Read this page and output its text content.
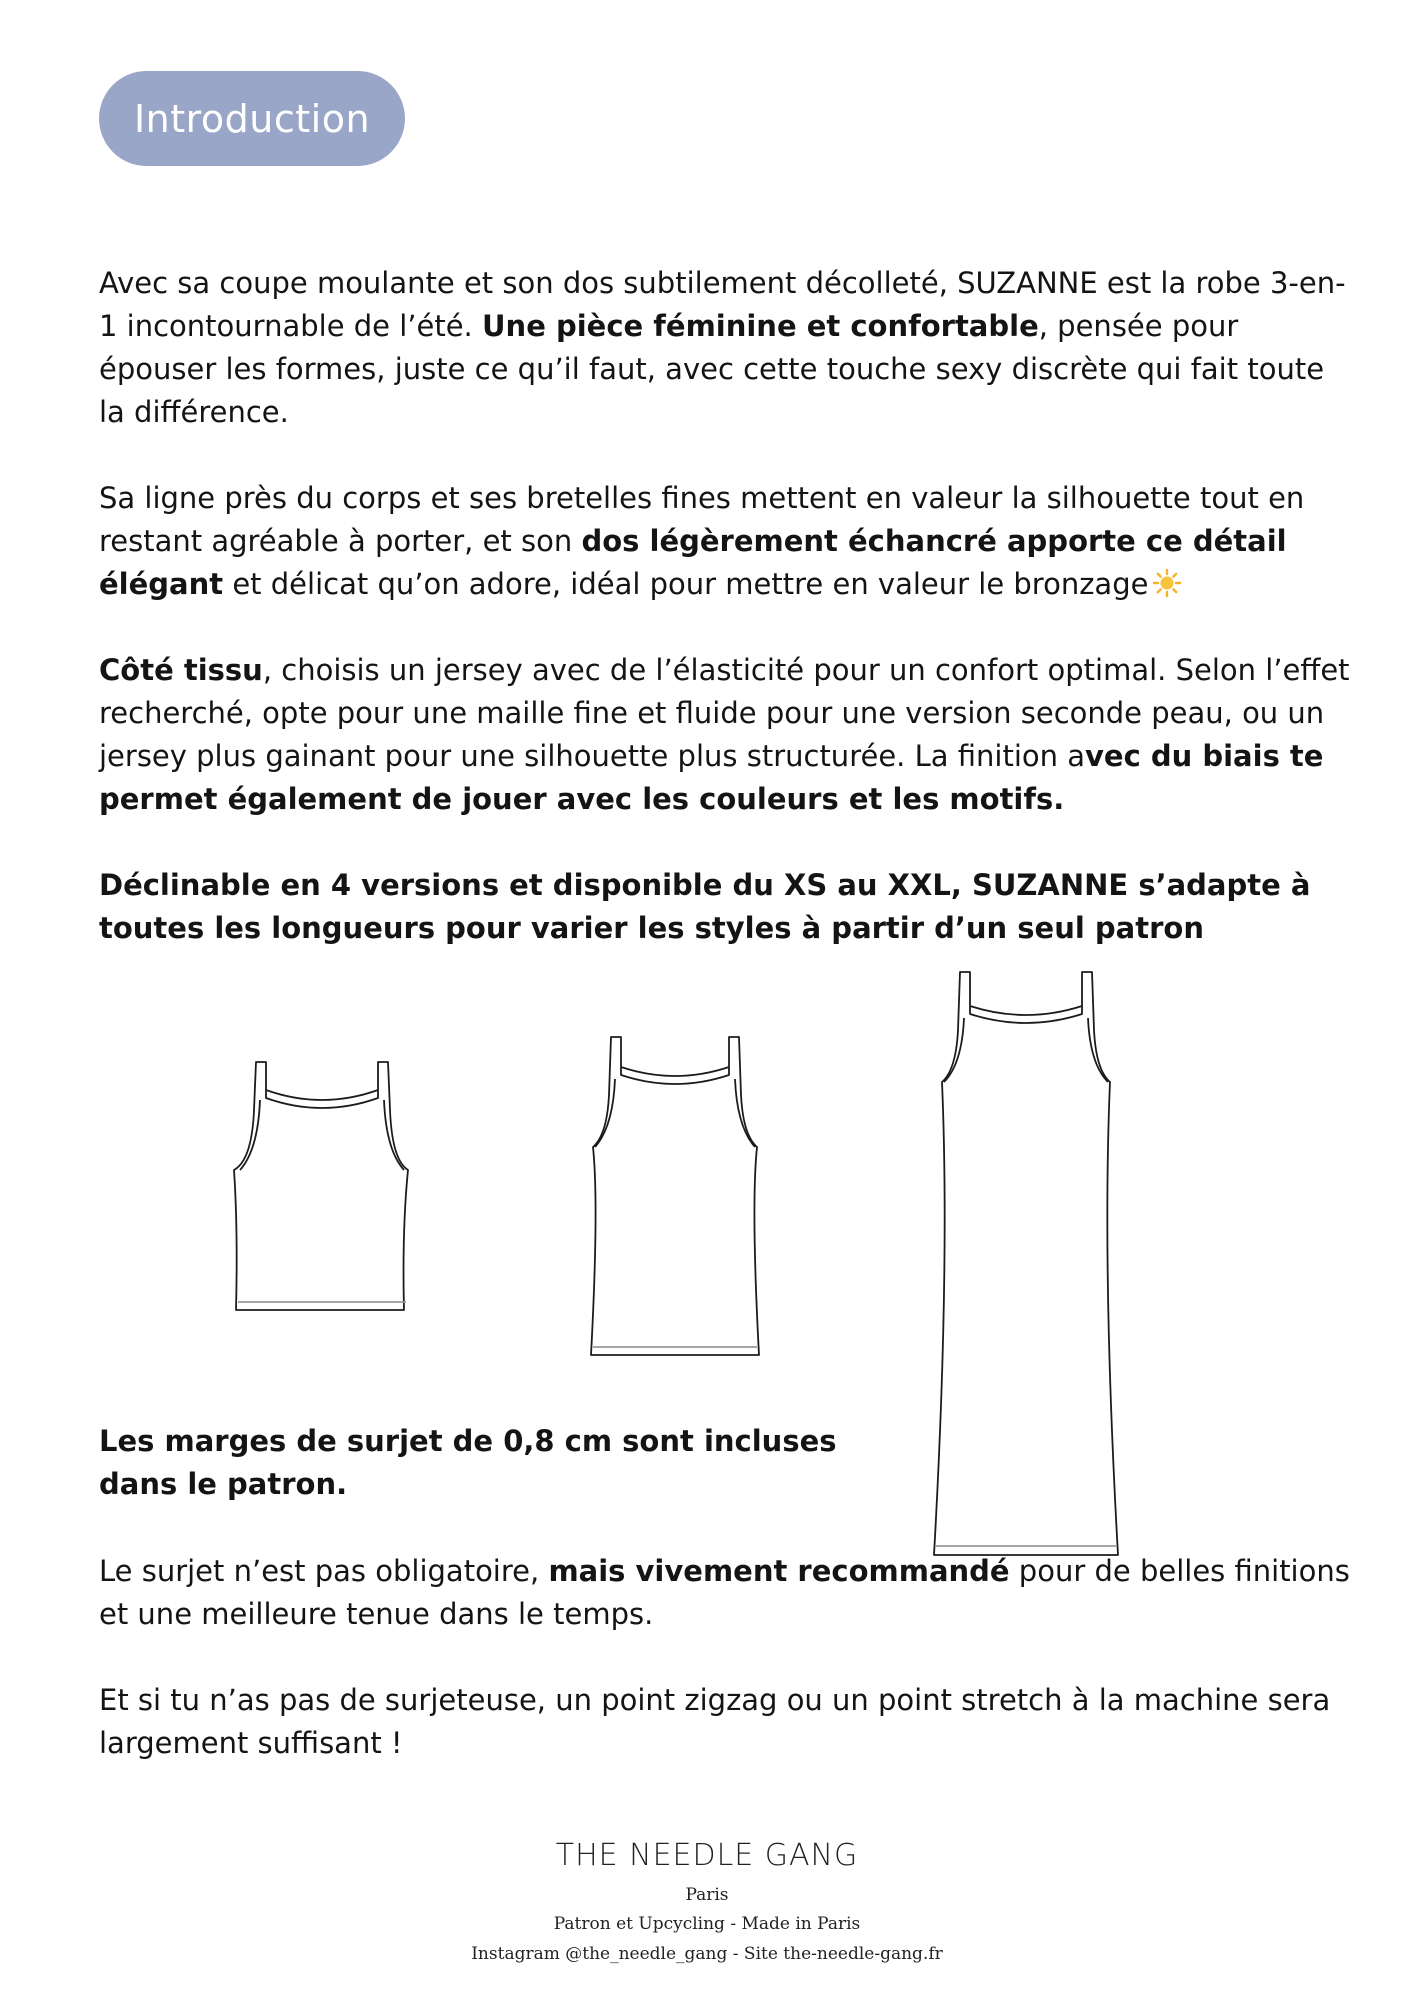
Introduction

Avec sa coupe moulante et son dos subtilement décolleté, SUZANNE est la robe 3-en-1 incontournable de l’été. Une pièce féminine et confortable, pensée pour épouser les formes, juste ce qu’il faut, avec cette touche sexy discrète qui fait toute la différence.

Sa ligne près du corps et ses bretelles fines mettent en valeur la silhouette tout en restant agréable à porter, et son dos légèrement échancré apporte ce détail élégant et délicat qu’on adore, idéal pour mettre en valeur le bronzage

Côté tissu, choisis un jersey avec de l’élasticité pour un confort optimal. Selon l’effet recherché, opte pour une maille fine et fluide pour une version seconde peau, ou un jersey plus gainant pour une silhouette plus structurée. La finition avec du biais te permet également de jouer avec les couleurs et les motifs.

Déclinable en 4 versions et disponible du XS au XXL, SUZANNE s’adapte à toutes les longueurs pour varier les styles à partir d’un seul patron

Les marges de surjet de 0,8 cm sont incluses dans le patron.

Le surjet n’est pas obligatoire, mais vivement recommandé pour de belles finitions et une meilleure tenue dans le temps.

Et si tu n’as pas de surjeteuse, un point zigzag ou un point stretch à la machine sera largement suffisant !

THE NEEDLE GANG
Paris
Patron et Upcycling - Made in Paris
Instagram @the_needle_gang - Site the-needle-gang.fr
